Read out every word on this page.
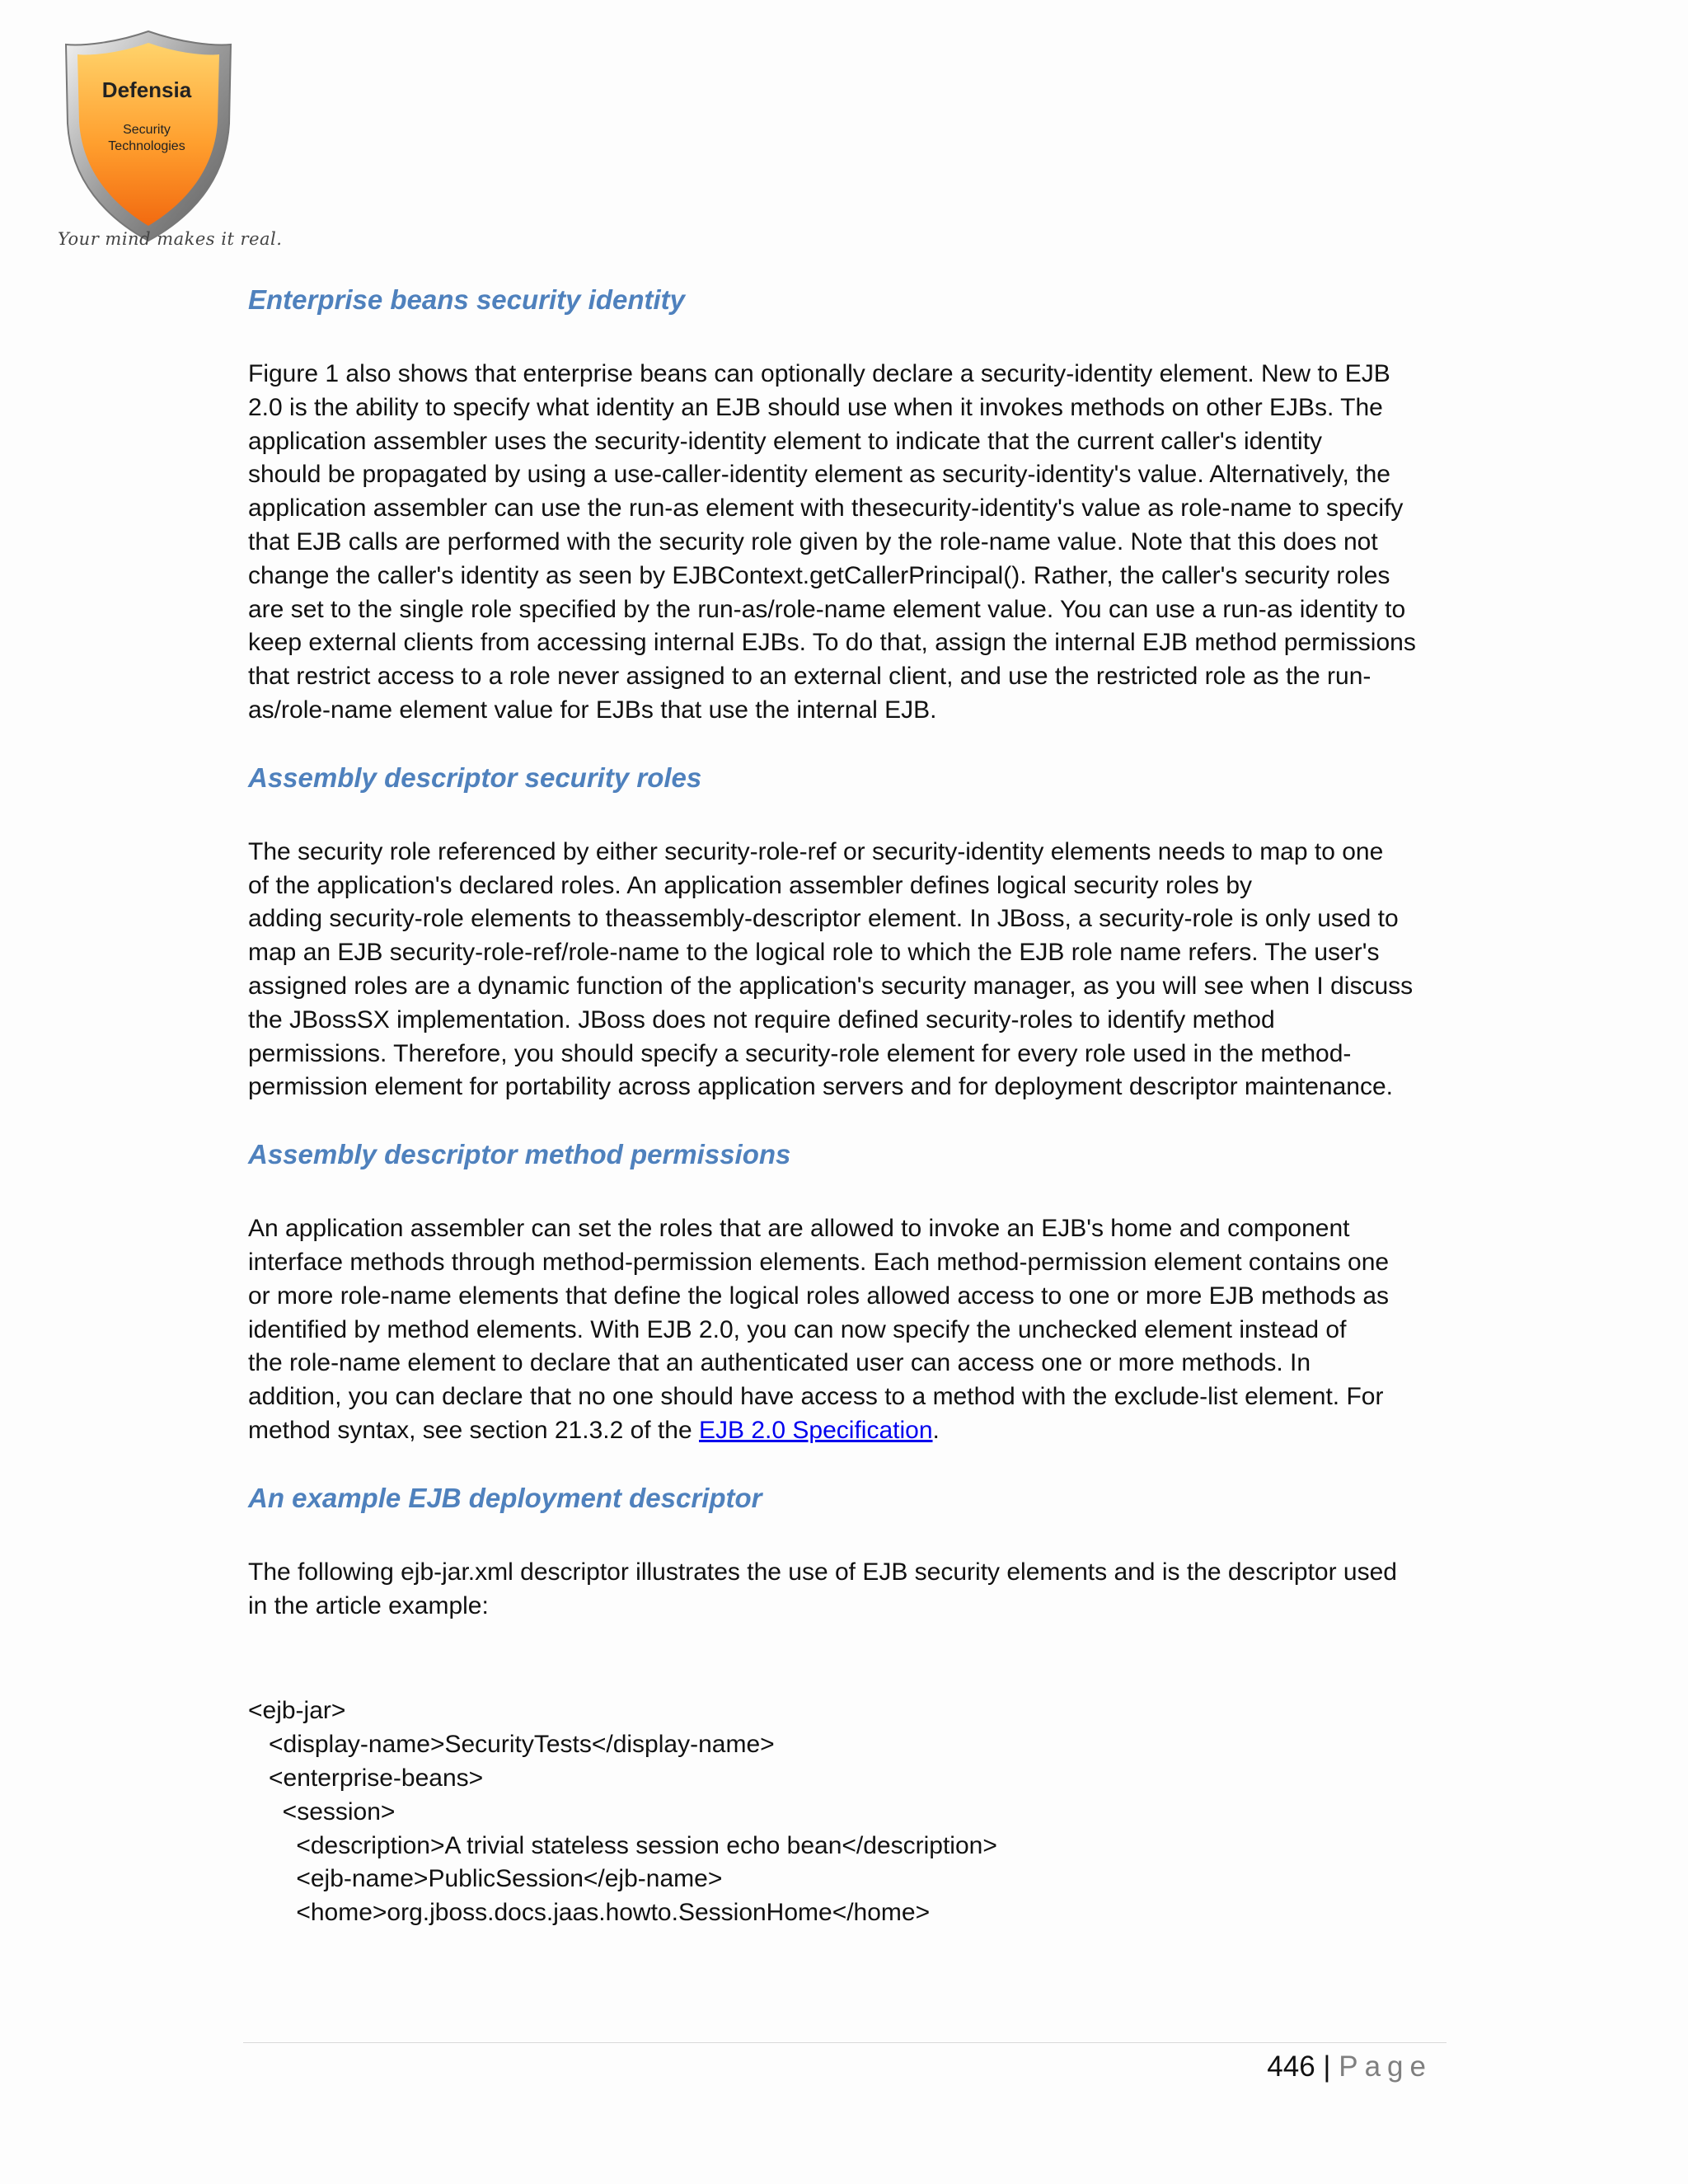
Defensia
Security
Technologies
Your mind makes it real.
Enterprise beans security identity

Figure 1 also shows that enterprise beans can optionally declare a security-identity element. New to EJB
2.0 is the ability to specify what identity an EJB should use when it invokes methods on other EJBs. The
application assembler uses the security-identity element to indicate that the current caller's identity
should be propagated by using a use-caller-identity element as security-identity's value. Alternatively, the
application assembler can use the run-as element with thesecurity-identity's value as role-name to specify
that EJB calls are performed with the security role given by the role-name value. Note that this does not
change the caller's identity as seen by EJBContext.getCallerPrincipal(). Rather, the caller's security roles
are set to the single role specified by the run-as/role-name element value. You can use a run-as identity to
keep external clients from accessing internal EJBs. To do that, assign the internal EJB method permissions
that restrict access to a role never assigned to an external client, and use the restricted role as the run-
as/role-name element value for EJBs that use the internal EJB.

Assembly descriptor security roles

The security role referenced by either security-role-ref or security-identity elements needs to map to one
of the application's declared roles. An application assembler defines logical security roles by
adding security-role elements to theassembly-descriptor element. In JBoss, a security-role is only used to
map an EJB security-role-ref/role-name to the logical role to which the EJB role name refers. The user's
assigned roles are a dynamic function of the application's security manager, as you will see when I discuss
the JBossSX implementation. JBoss does not require defined security-roles to identify method
permissions. Therefore, you should specify a security-role element for every role used in the method-
permission element for portability across application servers and for deployment descriptor maintenance.

Assembly descriptor method permissions

An application assembler can set the roles that are allowed to invoke an EJB's home and component
interface methods through method-permission elements. Each method-permission element contains one
or more role-name elements that define the logical roles allowed access to one or more EJB methods as
identified by method elements. With EJB 2.0, you can now specify the unchecked element instead of
the role-name element to declare that an authenticated user can access one or more methods. In
addition, you can declare that no one should have access to a method with the exclude-list element. For
method syntax, see section 21.3.2 of the EJB 2.0 Specification.

An example EJB deployment descriptor

The following ejb-jar.xml descriptor illustrates the use of EJB security elements and is the descriptor used
in the article example:

<ejb-jar>
<display-name>SecurityTests</display-name>
<enterprise-beans>
<session>
<description>A trivial stateless session echo bean</description>
<ejb-name>PublicSession</ejb-name>
<home>org.jboss.docs.jaas.howto.SessionHome</home>
446 | Page
